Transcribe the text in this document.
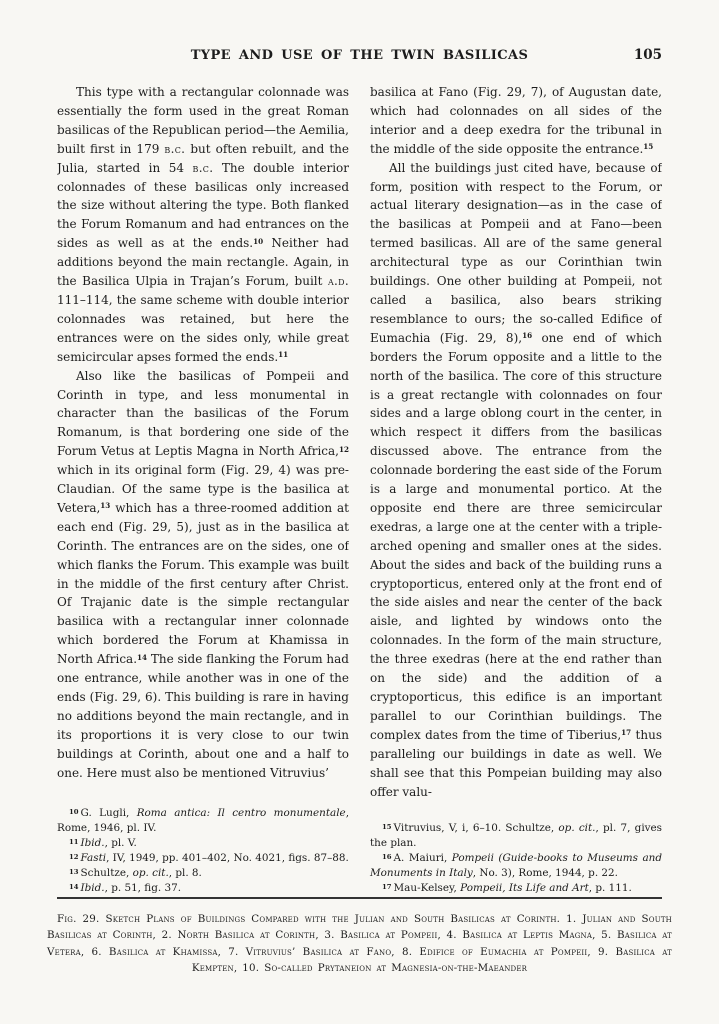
TYPE AND USE OF THE TWIN BASILICAS	105

This type with a rectangular colonnade was essentially the form used in the great Roman basilicas of the Republican period—the Aemilia, built first in 179 b.c. but often rebuilt, and the Julia, started in 54 b.c. The double interior colonnades of these basilicas only increased the size without altering the type. Both flanked the Forum Romanum and had entrances on the sides as well as at the ends.$^{10}$ Neither had additions beyond the main rectangle. Again, in the Basilica Ulpia in Trajan’s Forum, built a.d. 111–114, the same scheme with double interior colonnades was retained, but here the entrances were on the sides only, while great semicircular apses formed the ends.$^{11}$

Also like the basilicas of Pompeii and Corinth in type, and less monumental in character than the basilicas of the Forum Romanum, is that bordering one side of the Forum Vetus at Leptis Magna in North Africa,$^{12}$ which in its original form (Fig. 29, 4) was pre-Claudian. Of the same type is the basilica at Vetera,$^{13}$ which has a three-roomed addition at each end (Fig. 29, 5), just as in the basilica at Corinth. The entrances are on the sides, one of which flanks the Forum. This example was built in the middle of the first century after Christ. Of Trajanic date is the simple rectangular basilica with a rectangular inner colonnade which bordered the Forum at Khamissa in North Africa.$^{14}$ The side flanking the Forum had one entrance, while another was in one of the ends (Fig. 29, 6). This building is rare in having no additions beyond the main rectangle, and in its proportions it is very close to our twin buildings at Corinth, about one and a half to one. Here must also be mentioned Vitruvius’

$^{10}$ G. Lugli, Roma antica: Il centro monumentale, Rome, 1946, pl. IV.

$^{11}$ Ibid., pl. V.

$^{12}$ Fasti, IV, 1949, pp. 401–402, No. 4021, figs. 87–88.

$^{13}$ Schultze, op. cit., pl. 8.

$^{14}$ Ibid., p. 51, fig. 37.

basilica at Fano (Fig. 29, 7), of Augustan date, which had colonnades on all sides of the interior and a deep exedra for the tribunal in the middle of the side opposite the entrance.$^{15}$

All the buildings just cited have, because of form, position with respect to the Forum, or actual literary designation—as in the case of the basilicas at Pompeii and at Fano—been termed basilicas. All are of the same general architectural type as our Corinthian twin buildings. One other building at Pompeii, not called a basilica, also bears striking resemblance to ours; the so-called Edifice of Eumachia (Fig. 29, 8),$^{16}$ one end of which borders the Forum opposite and a little to the north of the basilica. The core of this structure is a great rectangle with colonnades on four sides and a large oblong court in the center, in which respect it differs from the basilicas discussed above. The entrance from the colonnade bordering the east side of the Forum is a large and monumental portico. At the opposite end there are three semicircular exedras, a large one at the center with a triple-arched opening and smaller ones at the sides. About the sides and back of the building runs a cryptoporticus, entered only at the front end of the side aisles and near the center of the back aisle, and lighted by windows onto the colonnades. In the form of the main structure, the three exedras (here at the end rather than on the side) and the addition of a cryptoporticus, this edifice is an important parallel to our Corinthian buildings. The complex dates from the time of Tiberius,$^{17}$ thus paralleling our buildings in date as well. We shall see that this Pompeian building may also offer valu-

$^{15}$ Vitruvius, V, i, 6–10. Schultze, op. cit., pl. 7, gives the plan.

$^{16}$ A. Maiuri, Pompeii (Guide-books to Museums and Monuments in Italy, No. 3), Rome, 1944, p. 22.

$^{17}$ Mau-Kelsey, Pompeii, Its Life and Art, p. 111.

Fig. 29. Sketch Plans of Buildings Compared with the Julian and South Basilicas at Corinth. 1. Julian and South Basilicas at Corinth, 2. North Basilica at Corinth, 3. Basilica at Pompeii, 4. Basilica at Leptis Magna, 5. Basilica at Vetera, 6. Basilica at Khamissa, 7. Vitruvius’ Basilica at Fano, 8. Edifice of Eumachia at Pompeii, 9. Basilica at Kempten, 10. So-called Prytaneion at Magnesia-on-the-Maeander
